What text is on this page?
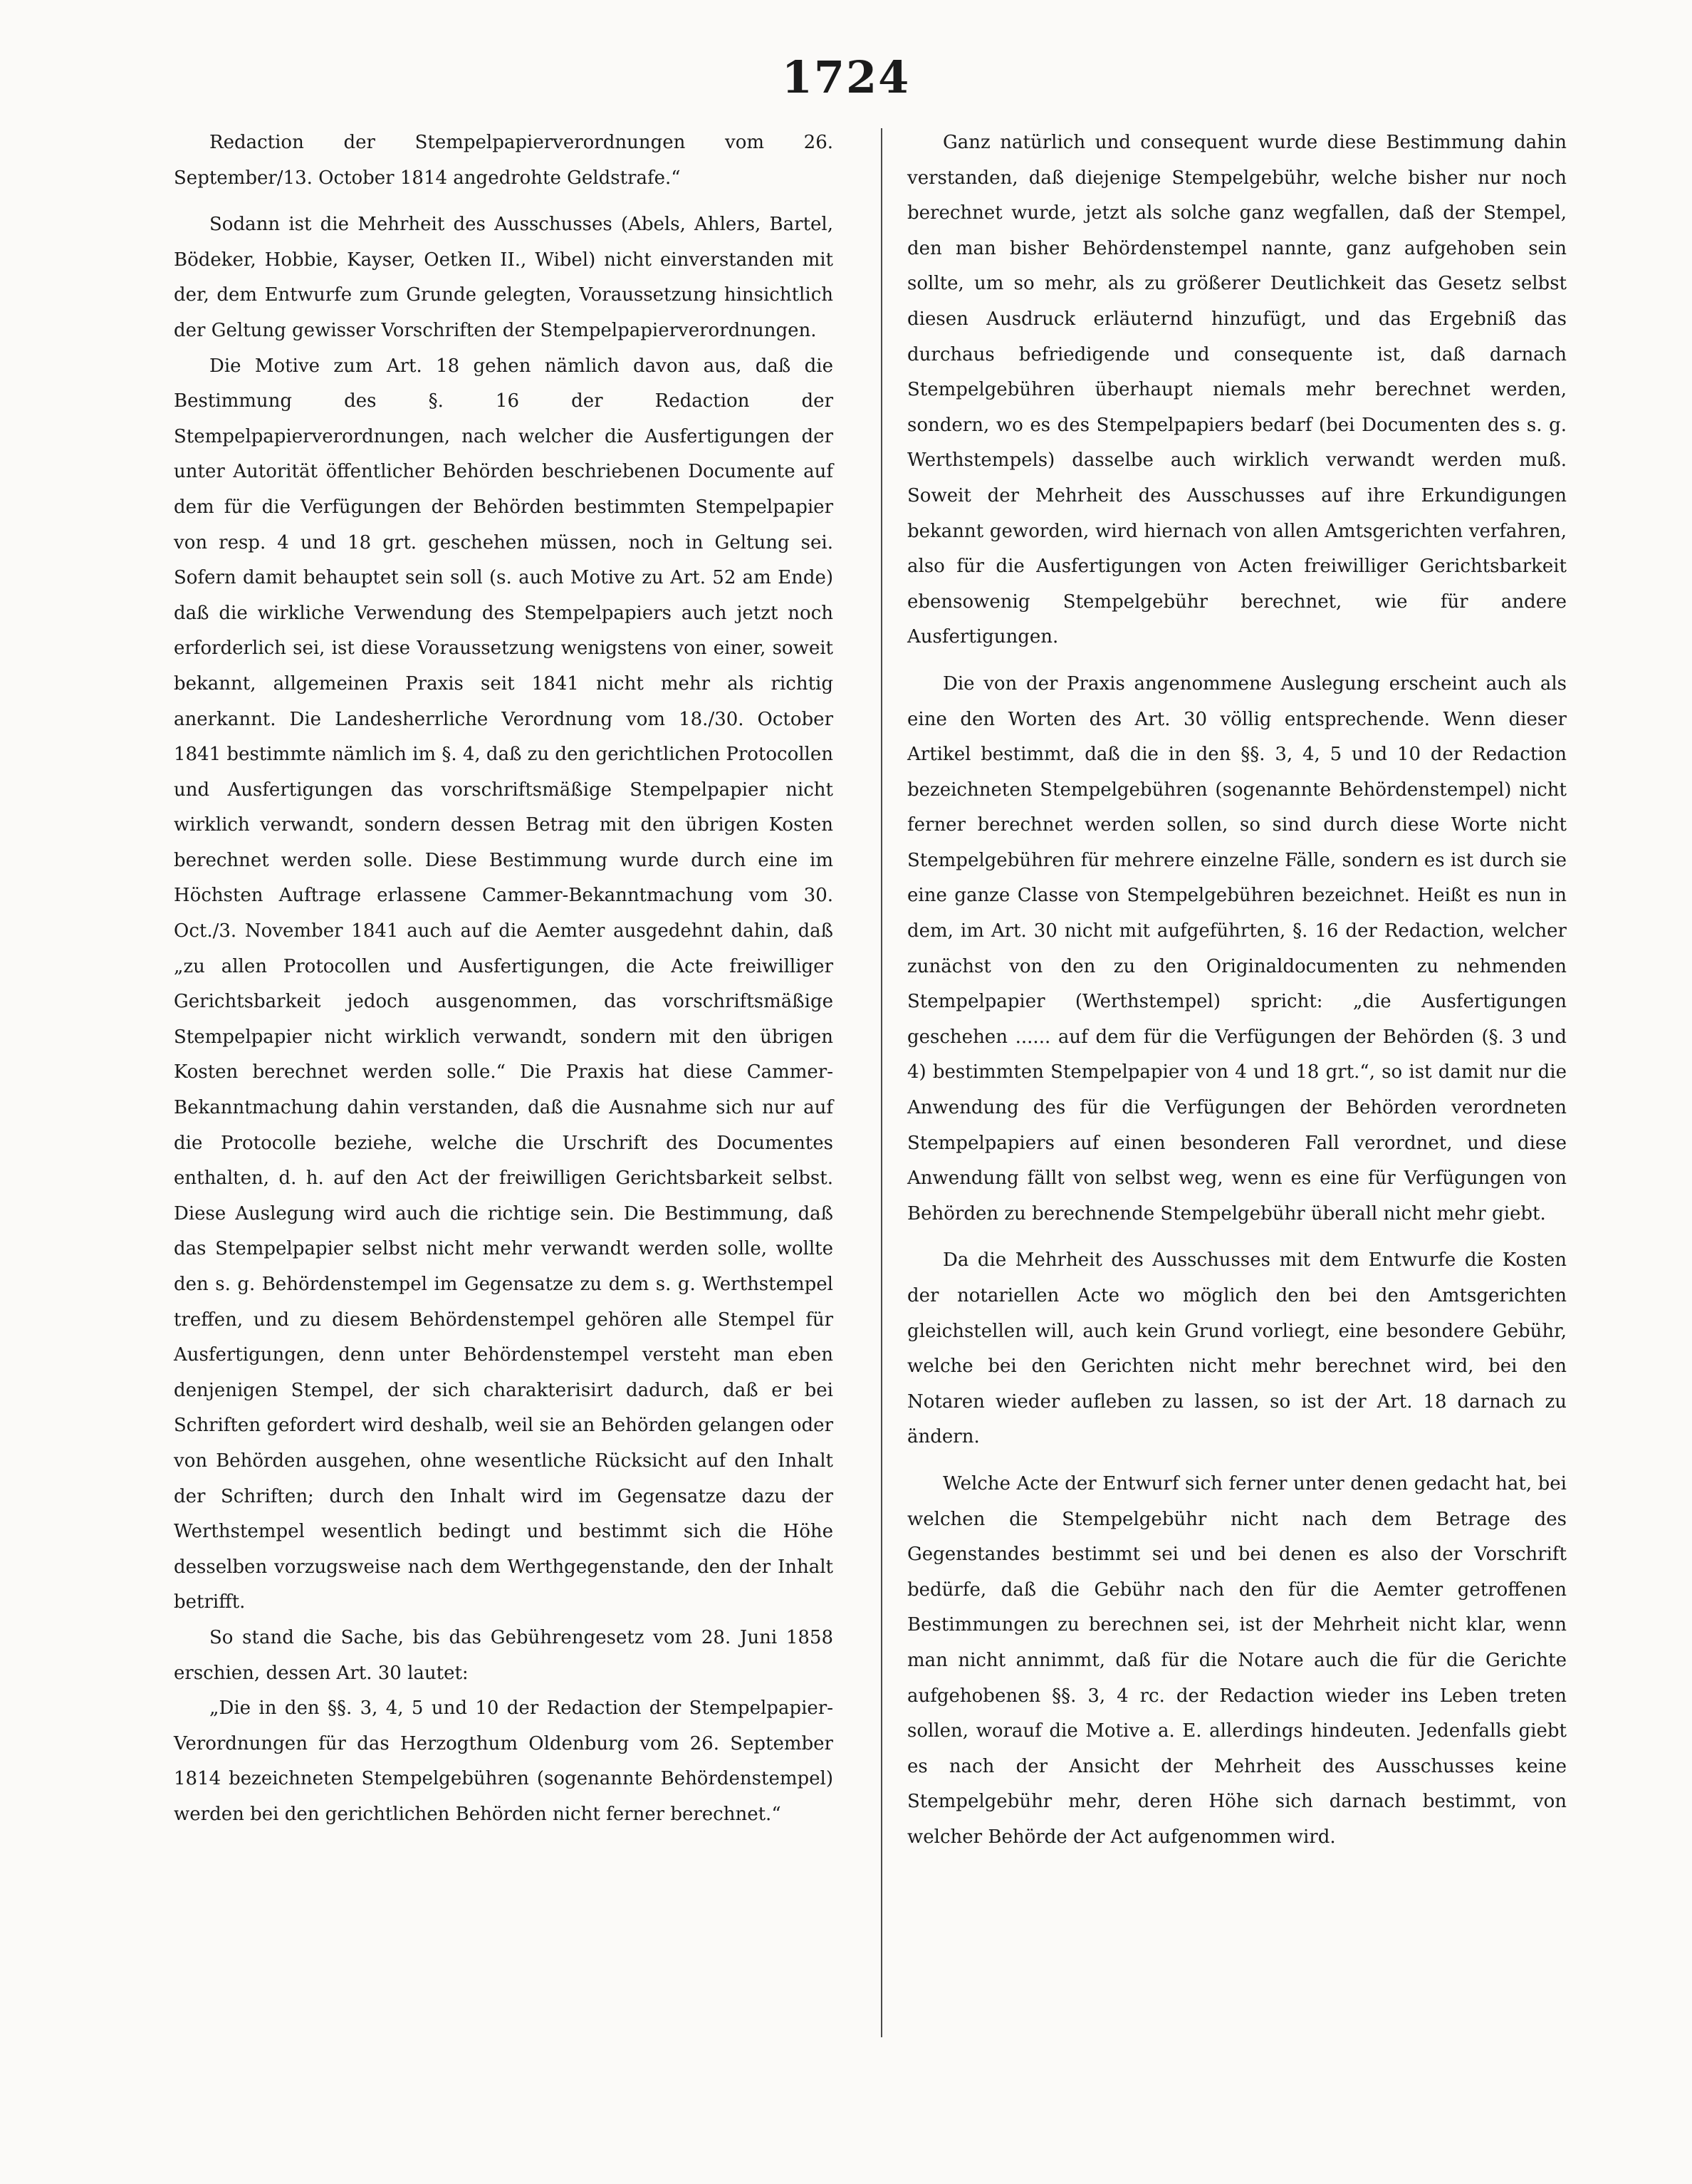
1724

Redaction der Stempelpapierverordnungen vom 26. September/13. October 1814 angedrohte Geldstrafe.“

Sodann ist die Mehrheit des Ausschusses (Abels, Ahlers, Bartel, Bödeker, Hobbie, Kayser, Oetken II., Wibel) nicht einverstanden mit der, dem Entwurfe zum Grunde gelegten, Voraussetzung hinsichtlich der Geltung gewisser Vorschriften der Stempelpapierverordnungen.

Die Motive zum Art. 18 gehen nämlich davon aus, daß die Bestimmung des §. 16 der Redaction der Stempelpapierverordnungen, nach welcher die Ausfertigungen der unter Autorität öffentlicher Behörden beschriebenen Documente auf dem für die Verfügungen der Behörden bestimmten Stempelpapier von resp. 4 und 18 grt. geschehen müssen, noch in Geltung sei. Sofern damit behauptet sein soll (s. auch Motive zu Art. 52 am Ende) daß die wirkliche Verwendung des Stempelpapiers auch jetzt noch erforderlich sei, ist diese Voraussetzung wenigstens von einer, soweit bekannt, allgemeinen Praxis seit 1841 nicht mehr als richtig anerkannt. Die Landesherrliche Verordnung vom 18./30. October 1841 bestimmte nämlich im §. 4, daß zu den gerichtlichen Protocollen und Ausfertigungen das vorschriftsmäßige Stempelpapier nicht wirklich verwandt, sondern dessen Betrag mit den übrigen Kosten berechnet werden solle. Diese Bestimmung wurde durch eine im Höchsten Auftrage erlassene Cammer-Bekanntmachung vom 30. Oct./3. November 1841 auch auf die Aemter ausgedehnt dahin, daß „zu allen Protocollen und Ausfertigungen, die Acte freiwilliger Gerichtsbarkeit jedoch ausgenommen, das vorschriftsmäßige Stempelpapier nicht wirklich verwandt, sondern mit den übrigen Kosten berechnet werden solle.“ Die Praxis hat diese Cammer-Bekanntmachung dahin verstanden, daß die Ausnahme sich nur auf die Protocolle beziehe, welche die Urschrift des Documentes enthalten, d. h. auf den Act der freiwilligen Gerichtsbarkeit selbst. Diese Auslegung wird auch die richtige sein. Die Bestimmung, daß das Stempelpapier selbst nicht mehr verwandt werden solle, wollte den s. g. Behördenstempel im Gegensatze zu dem s. g. Werthstempel treffen, und zu diesem Behördenstempel gehören alle Stempel für Ausfertigungen, denn unter Behördenstempel versteht man eben denjenigen Stempel, der sich charakterisirt dadurch, daß er bei Schriften gefordert wird deshalb, weil sie an Behörden gelangen oder von Behörden ausgehen, ohne wesentliche Rücksicht auf den Inhalt der Schriften; durch den Inhalt wird im Gegensatze dazu der Werthstempel wesentlich bedingt und bestimmt sich die Höhe desselben vorzugsweise nach dem Werthgegenstande, den der Inhalt betrifft.

So stand die Sache, bis das Gebührengesetz vom 28. Juni 1858 erschien, dessen Art. 30 lautet:

„Die in den §§. 3, 4, 5 und 10 der Redaction der Stempelpapier-Verordnungen für das Herzogthum Oldenburg vom 26. September 1814 bezeichneten Stempelgebühren (sogenannte Behördenstempel) werden bei den gerichtlichen Behörden nicht ferner berechnet.“

Ganz natürlich und consequent wurde diese Bestimmung dahin verstanden, daß diejenige Stempelgebühr, welche bisher nur noch berechnet wurde, jetzt als solche ganz wegfallen, daß der Stempel, den man bisher Behördenstempel nannte, ganz aufgehoben sein sollte, um so mehr, als zu größerer Deutlichkeit das Gesetz selbst diesen Ausdruck erläuternd hinzufügt, und das Ergebniß das durchaus befriedigende und consequente ist, daß darnach Stempelgebühren überhaupt niemals mehr berechnet werden, sondern, wo es des Stempelpapiers bedarf (bei Documenten des s. g. Werthstempels) dasselbe auch wirklich verwandt werden muß. Soweit der Mehrheit des Ausschusses auf ihre Erkundigungen bekannt geworden, wird hiernach von allen Amtsgerichten verfahren, also für die Ausfertigungen von Acten freiwilliger Gerichtsbarkeit ebensowenig Stempelgebühr berechnet, wie für andere Ausfertigungen.

Die von der Praxis angenommene Auslegung erscheint auch als eine den Worten des Art. 30 völlig entsprechende. Wenn dieser Artikel bestimmt, daß die in den §§. 3, 4, 5 und 10 der Redaction bezeichneten Stempelgebühren (sogenannte Behördenstempel) nicht ferner berechnet werden sollen, so sind durch diese Worte nicht Stempelgebühren für mehrere einzelne Fälle, sondern es ist durch sie eine ganze Classe von Stempelgebühren bezeichnet. Heißt es nun in dem, im Art. 30 nicht mit aufgeführten, §. 16 der Redaction, welcher zunächst von den zu den Originaldocumenten zu nehmenden Stempelpapier (Werthstempel) spricht: „die Ausfertigungen geschehen ...... auf dem für die Verfügungen der Behörden (§. 3 und 4) bestimmten Stempelpapier von 4 und 18 grt.“, so ist damit nur die Anwendung des für die Verfügungen der Behörden verordneten Stempelpapiers auf einen besonderen Fall verordnet, und diese Anwendung fällt von selbst weg, wenn es eine für Verfügungen von Behörden zu berechnende Stempelgebühr überall nicht mehr giebt.

Da die Mehrheit des Ausschusses mit dem Entwurfe die Kosten der notariellen Acte wo möglich den bei den Amtsgerichten gleichstellen will, auch kein Grund vorliegt, eine besondere Gebühr, welche bei den Gerichten nicht mehr berechnet wird, bei den Notaren wieder aufleben zu lassen, so ist der Art. 18 darnach zu ändern.

Welche Acte der Entwurf sich ferner unter denen gedacht hat, bei welchen die Stempelgebühr nicht nach dem Betrage des Gegenstandes bestimmt sei und bei denen es also der Vorschrift bedürfe, daß die Gebühr nach den für die Aemter getroffenen Bestimmungen zu berechnen sei, ist der Mehrheit nicht klar, wenn man nicht annimmt, daß für die Notare auch die für die Gerichte aufgehobenen §§. 3, 4 rc. der Redaction wieder ins Leben treten sollen, worauf die Motive a. E. allerdings hindeuten. Jedenfalls giebt es nach der Ansicht der Mehrheit des Ausschusses keine Stempelgebühr mehr, deren Höhe sich darnach bestimmt, von welcher Behörde der Act aufgenommen wird.
